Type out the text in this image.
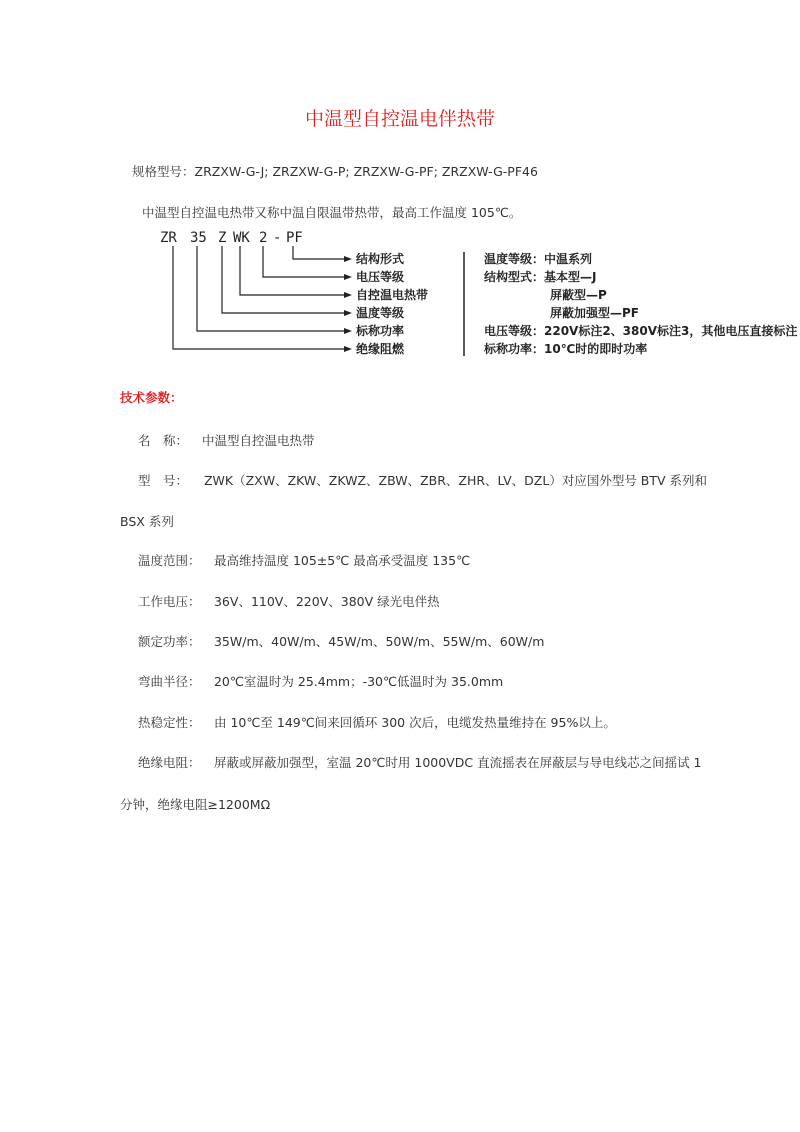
中温型自控温电伴热带
规格型号：ZRZXW-G-J; ZRZXW-G-P; ZRZXW-G-PF; ZRZXW-G-PF46
中温型自控温电热带又称中温自限温带热带，最高工作温度 105℃。
ZR 35 Z WK 2 - PF
结构形式
电压等级
自控温电热带
温度等级
标称功率
绝缘阻燃
温度等级：中温系列
结构型式：基本型—J
屏蔽型—P
屏蔽加强型—PF
电压等级：220V标注2、380V标注3，其他电压直接标注
标称功率：10℃时的即时功率
技术参数：
名　称： 中温型自控温电热带
型　号： ZWK（ZXW、ZKW、ZKWZ、ZBW、ZBR、ZHR、LV、DZL）对应国外型号 BTV 系列和
BSX 系列
温度范围： 最高维持温度 105±5℃ 最高承受温度 135℃
工作电压： 36V、110V、220V、380V 绿光电伴热
额定功率： 35W/m、40W/m、45W/m、50W/m、55W/m、60W/m
弯曲半径： 20℃室温时为 25.4mm；-30℃低温时为 35.0mm
热稳定性： 由 10℃至 149℃间来回循环 300 次后，电缆发热量维持在 95%以上。
绝缘电阻： 屏蔽或屏蔽加强型，室温 20℃时用 1000VDC 直流摇表在屏蔽层与导电线芯之间摇试 1
分钟，绝缘电阻≥1200MΩ
